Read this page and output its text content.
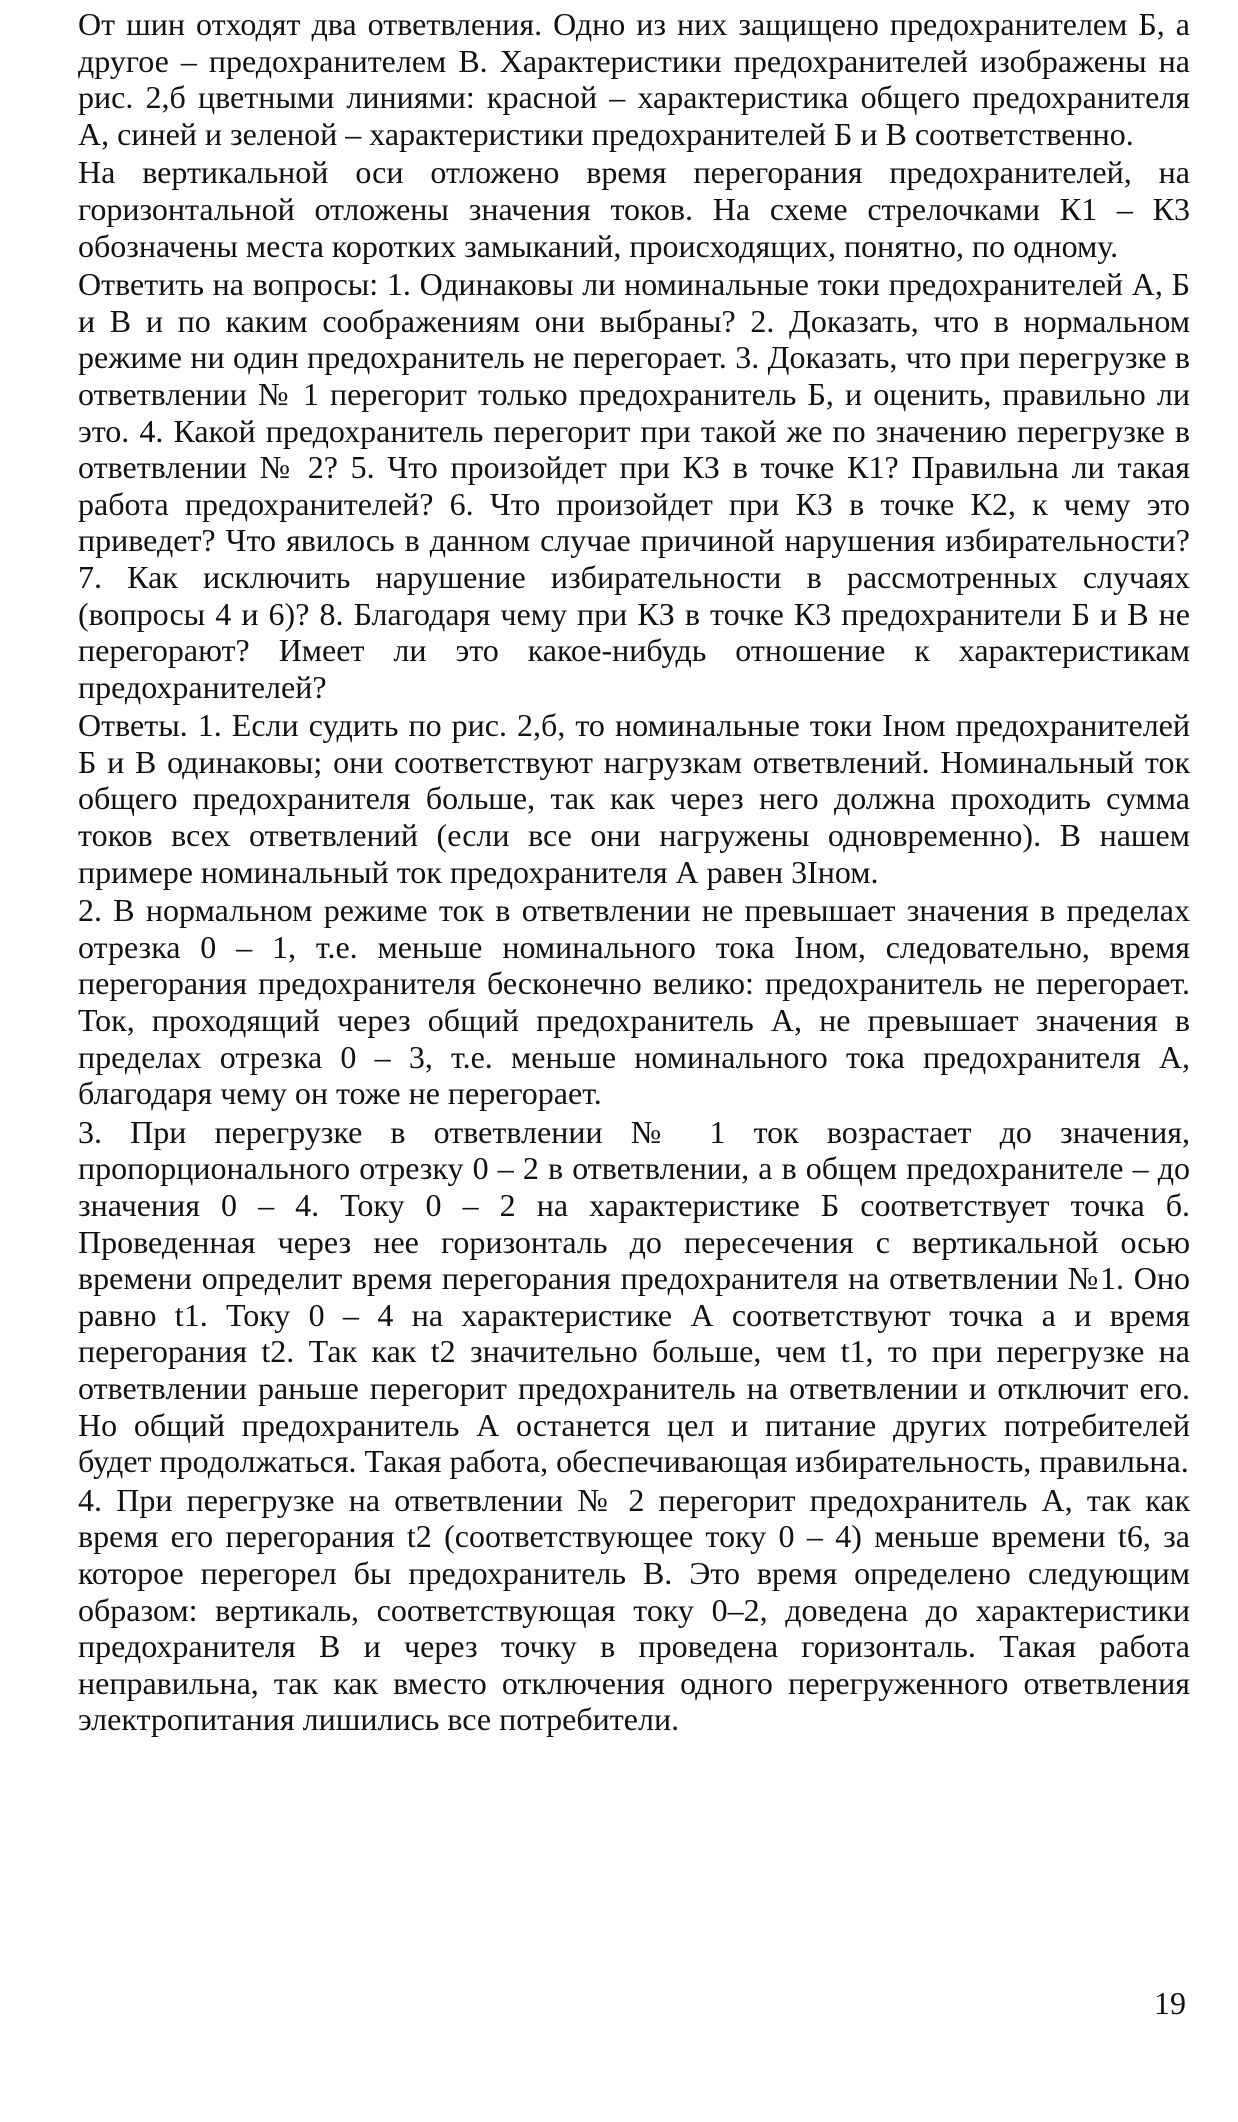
От шин отходят два ответвления. Одно из них защищено предохранителем Б, а другое – предохранителем В. Характеристики предохранителей изображены на рис. 2,б цветными линиями: красной – характеристика общего предохранителя А, синей и зеленой – характеристики предохранителей Б и В соответственно.

На вертикальной оси отложено время перегорания предохранителей, на горизонтальной отложены значения токов. На схеме стрелочками К1 – К3 обозначены места коротких замыканий, происходящих, понятно, по одному.

Ответить на вопросы: 1. Одинаковы ли номинальные токи предохранителей А, Б и В и по каким соображениям они выбраны? 2. Доказать, что в нормальном режиме ни один предохранитель не перегорает. 3. Доказать, что при перегрузке в ответвлении № 1 перегорит только предохранитель Б, и оценить, правильно ли это. 4. Какой предохранитель перегорит при такой же по значению перегрузке в ответвлении № 2? 5. Что произойдет при КЗ в точке К1? Правильна ли такая работа предохранителей? 6. Что произойдет при КЗ в точке К2, к чему это приведет? Что явилось в данном случае причиной нарушения избирательности? 7. Как исключить нарушение избирательности в рассмотренных случаях (вопросы 4 и 6)? 8. Благодаря чему при КЗ в точке К3 предохранители Б и В не перегорают? Имеет ли это какое-нибудь отношение к характеристикам предохранителей?

Ответы. 1. Если судить по рис. 2,б, то номинальные токи Iном предохранителей Б и В одинаковы; они соответствуют нагрузкам ответвлений. Номинальный ток общего предохранителя больше, так как через него должна проходить сумма токов всех ответвлений (если все они нагружены одновременно). В нашем примере номинальный ток предохранителя А равен 3Iном.

2. В нормальном режиме ток в ответвлении не превышает значения в пределах отрезка 0 – 1, т.е. меньше номинального тока Iном, следовательно, время перегорания предохранителя бесконечно велико: предохранитель не перегорает. Ток, проходящий через общий предохранитель А, не превышает значения в пределах отрезка 0 – 3, т.е. меньше номинального тока предохранителя А, благодаря чему он тоже не перегорает.

3. При перегрузке в ответвлении № 1 ток возрастает до значения, пропорционального отрезку 0 – 2 в ответвлении, а в общем предохранителе – до значения 0 – 4. Току 0 – 2 на характеристике Б соответствует точка б. Проведенная через нее горизонталь до пересечения с вертикальной осью времени определит время перегорания предохранителя на ответвлении №1. Оно равно t1. Току 0 – 4 на характеристике А соответствуют точка а и время перегорания t2. Так как t2 значительно больше, чем t1, то при перегрузке на ответвлении раньше перегорит предохранитель на ответвлении и отключит его. Но общий предохранитель А останется цел и питание других потребителей будет продолжаться. Такая работа, обеспечивающая избирательность, правильна.

4. При перегрузке на ответвлении № 2 перегорит предохранитель А, так как время его перегорания t2 (соответствующее току 0 – 4) меньше времени t6, за которое перегорел бы предохранитель В. Это время определено следующим образом: вертикаль, соответствующая току 0–2, доведена до характеристики предохранителя В и через точку в проведена горизонталь. Такая работа неправильна, так как вместо отключения одного перегруженного ответвления электропитания лишились все потребители.

19
